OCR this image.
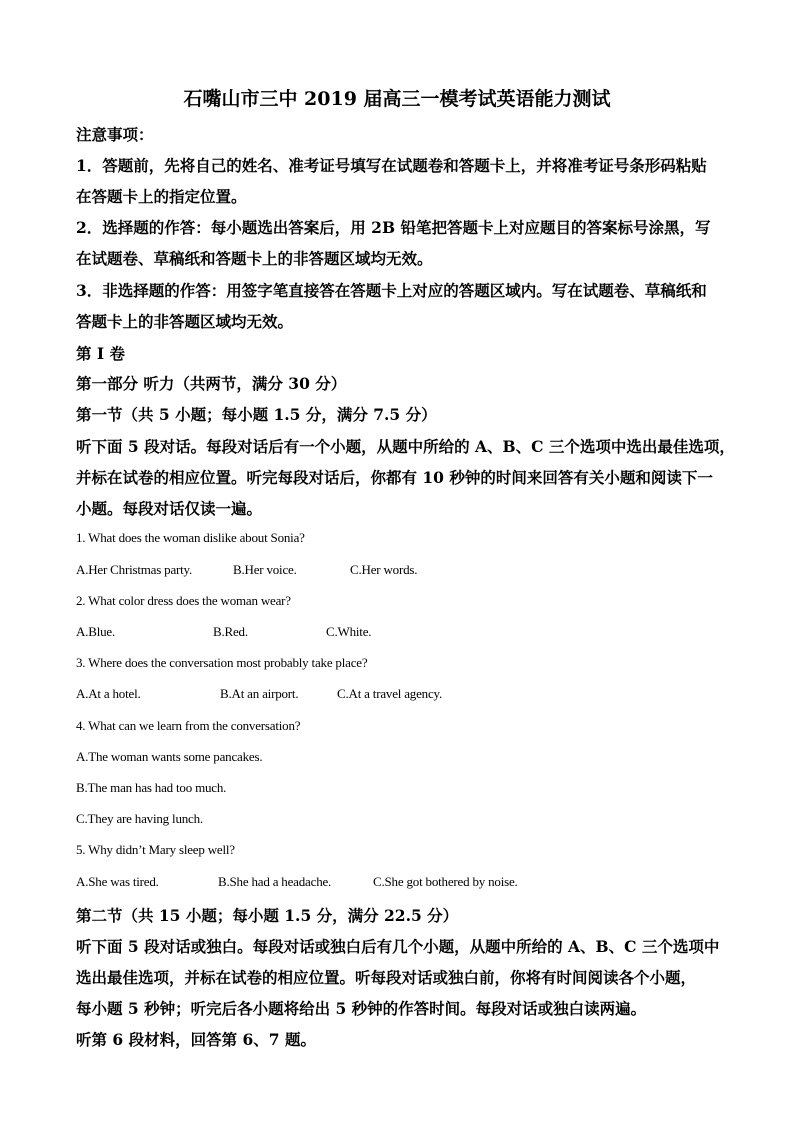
石嘴山市三中 2019 届高三一模考试英语能力测试
注意事项：
1．答题前，先将自己的姓名、准考证号填写在试题卷和答题卡上，并将准考证号条形码粘贴
在答题卡上的指定位置。
2．选择题的作答：每小题选出答案后，用 2B 铅笔把答题卡上对应题目的答案标号涂黑，写
在试题卷、草稿纸和答题卡上的非答题区域均无效。
3．非选择题的作答：用签字笔直接答在答题卡上对应的答题区域内。写在试题卷、草稿纸和
答题卡上的非答题区域均无效。
第 I 卷
第一部分 听力（共两节，满分 30 分）
第一节（共 5 小题；每小题 1.5 分，满分 7.5 分）
听下面 5 段对话。每段对话后有一个小题，从题中所给的 A、B、C 三个选项中选出最佳选项，
并标在试卷的相应位置。听完每段对话后，你都有 10 秒钟的时间来回答有关小题和阅读下一
小题。每段对话仅读一遍。
1. What does the woman dislike about Sonia?
A.Her Christmas party.	B.Her voice.	C.Her words.
2. What color dress does the woman wear?
A.Blue.	B.Red.	C.White.
3. Where does the conversation most probably take place?
A.At a hotel.	B.At an airport.	C.At a travel agency.
4. What can we learn from the conversation?
A.The woman wants some pancakes.
B.The man has had too much.
C.They are having lunch.
5. Why didn’t Mary sleep well?
A.She was tired.	B.She had a headache.	C.She got bothered by noise.
第二节（共 15 小题；每小题 1.5 分，满分 22.5 分）
听下面 5 段对话或独白。每段对话或独白后有几个小题，从题中所给的 A、B、C 三个选项中
选出最佳选项，并标在试卷的相应位置。听每段对话或独白前，你将有时间阅读各个小题，
每小题 5 秒钟；听完后各小题将给出 5 秒钟的作答时间。每段对话或独白读两遍。
听第 6 段材料，回答第 6、7 题。
